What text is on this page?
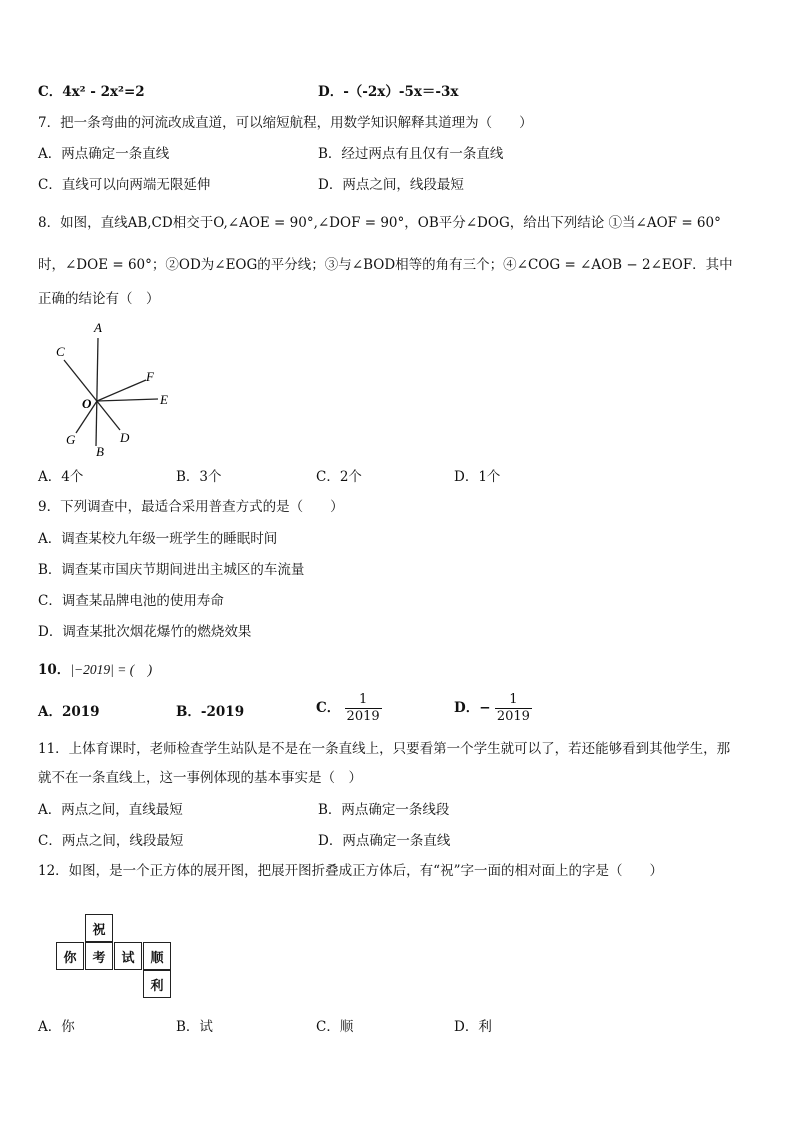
C．4x² - 2x²=2	D．-（-2x）-5x＝-3x
7．把一条弯曲的河流改成直道，可以缩短航程，用数学知识解释其道理为（　　）
A．两点确定一条直线	B．经过两点有且仅有一条直线
C．直线可以向两端无限延伸	D．两点之间，线段最短
8．如图，直线AB,CD相交于O,∠AOE = 90°,∠DOF = 90°，OB平分∠DOG，给出下列结论 ①当∠AOF = 60°
时，∠DOE = 60°；②OD为∠EOG的平分线；③与∠BOD相等的角有三个；④∠COG = ∠AOB − 2∠EOF．其中
正确的结论有（　）
A
C
F
O	E
G
B
D
A．4个	B．3个	C．2个	D．1个
9．下列调查中，最适合采用普查方式的是（　　）
A．调查某校九年级一班学生的睡眠时间
B．调查某市国庆节期间进出主城区的车流量
C．调查某品牌电池的使用寿命
D．调查某批次烟花爆竹的燃烧效果
10．|−2019| = (　)
A．2019	B．-2019	C． $\frac{1}{2019}$	D．− $\frac{1}{2019}$
11．上体育课时，老师检查学生站队是不是在一条直线上，只要看第一个学生就可以了，若还能够看到其他学生，那
就不在一条直线上，这一事例体现的基本事实是（　）
A．两点之间，直线最短	B．两点确定一条线段
C．两点之间，线段最短	D．两点确定一条直线
12．如图，是一个正方体的展开图，把展开图折叠成正方体后，有“祝”字一面的相对面上的字是（　　）
祝
你	考	试	顺
利
A．你	B．试	C．顺	D．利
